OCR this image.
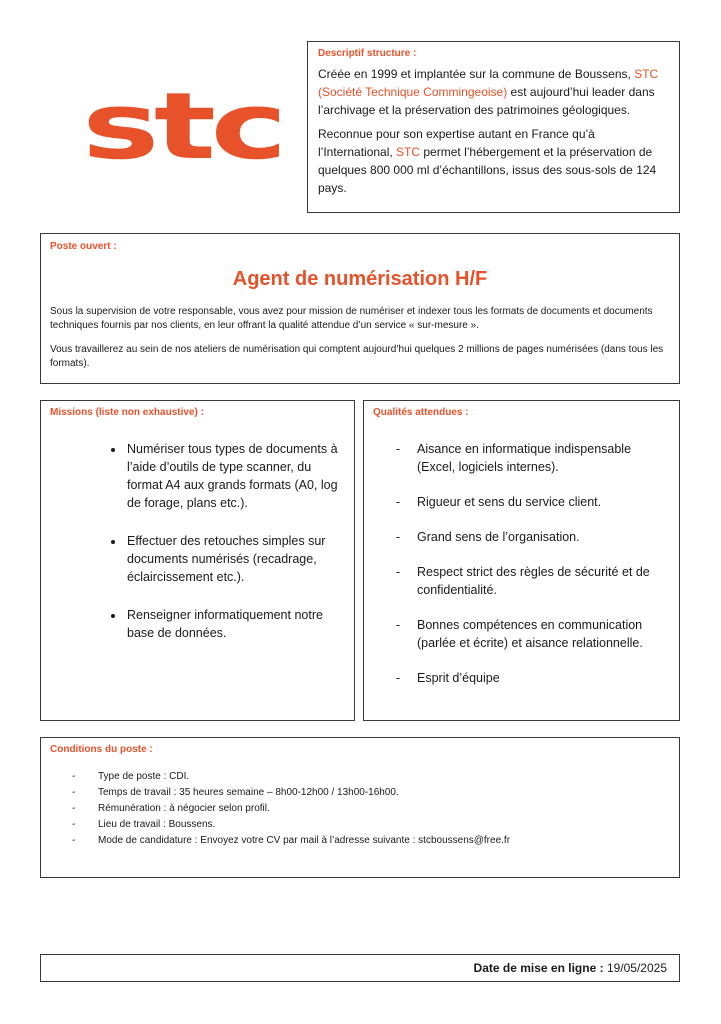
stc
Descriptif structure :

Créée en 1999 et implantée sur la commune de Boussens, STC (Société Technique Commingeoise) est aujourd’hui leader dans l’archivage et la préservation des patrimoines géologiques.

Reconnue pour son expertise autant en France qu’à l’International, STC permet l’hébergement et la préservation de quelques 800 000 ml d’échantillons, issus des sous-sols de 124 pays.

Poste ouvert :
Agent de numérisation H/F

Sous la supervision de votre responsable, vous avez pour mission de numériser et indexer tous les formats de documents et documents techniques fournis par nos clients, en leur offrant la qualité attendue d’un service « sur-mesure ».

Vous travaillerez au sein de nos ateliers de numérisation qui comptent aujourd’hui quelques 2 millions de pages numérisées (dans tous les formats).

Missions (liste non exhaustive) :
• Numériser tous types de documents à l’aide d’outils de type scanner, du format A4 aux grands formats (A0, log de forage, plans etc.).
• Effectuer des retouches simples sur documents numérisés (recadrage, éclaircissement etc.).
• Renseigner informatiquement notre base de données.
Qualités attendues :
- Aisance en informatique indispensable (Excel, logiciels internes).
- Rigueur et sens du service client.
- Grand sens de l’organisation.
- Respect strict des règles de sécurité et de confidentialité.
- Bonnes compétences en communication (parlée et écrite) et aisance relationnelle.
- Esprit d’équipe
Conditions du poste :
- Type de poste : CDI.
- Temps de travail : 35 heures semaine – 8h00-12h00 / 13h00-16h00.
- Rémunération : à négocier selon profil.
- Lieu de travail : Boussens.
- Mode de candidature : Envoyez votre CV par mail à l’adresse suivante : stcboussens@free.fr
Date de mise en ligne :
19/05/2025
